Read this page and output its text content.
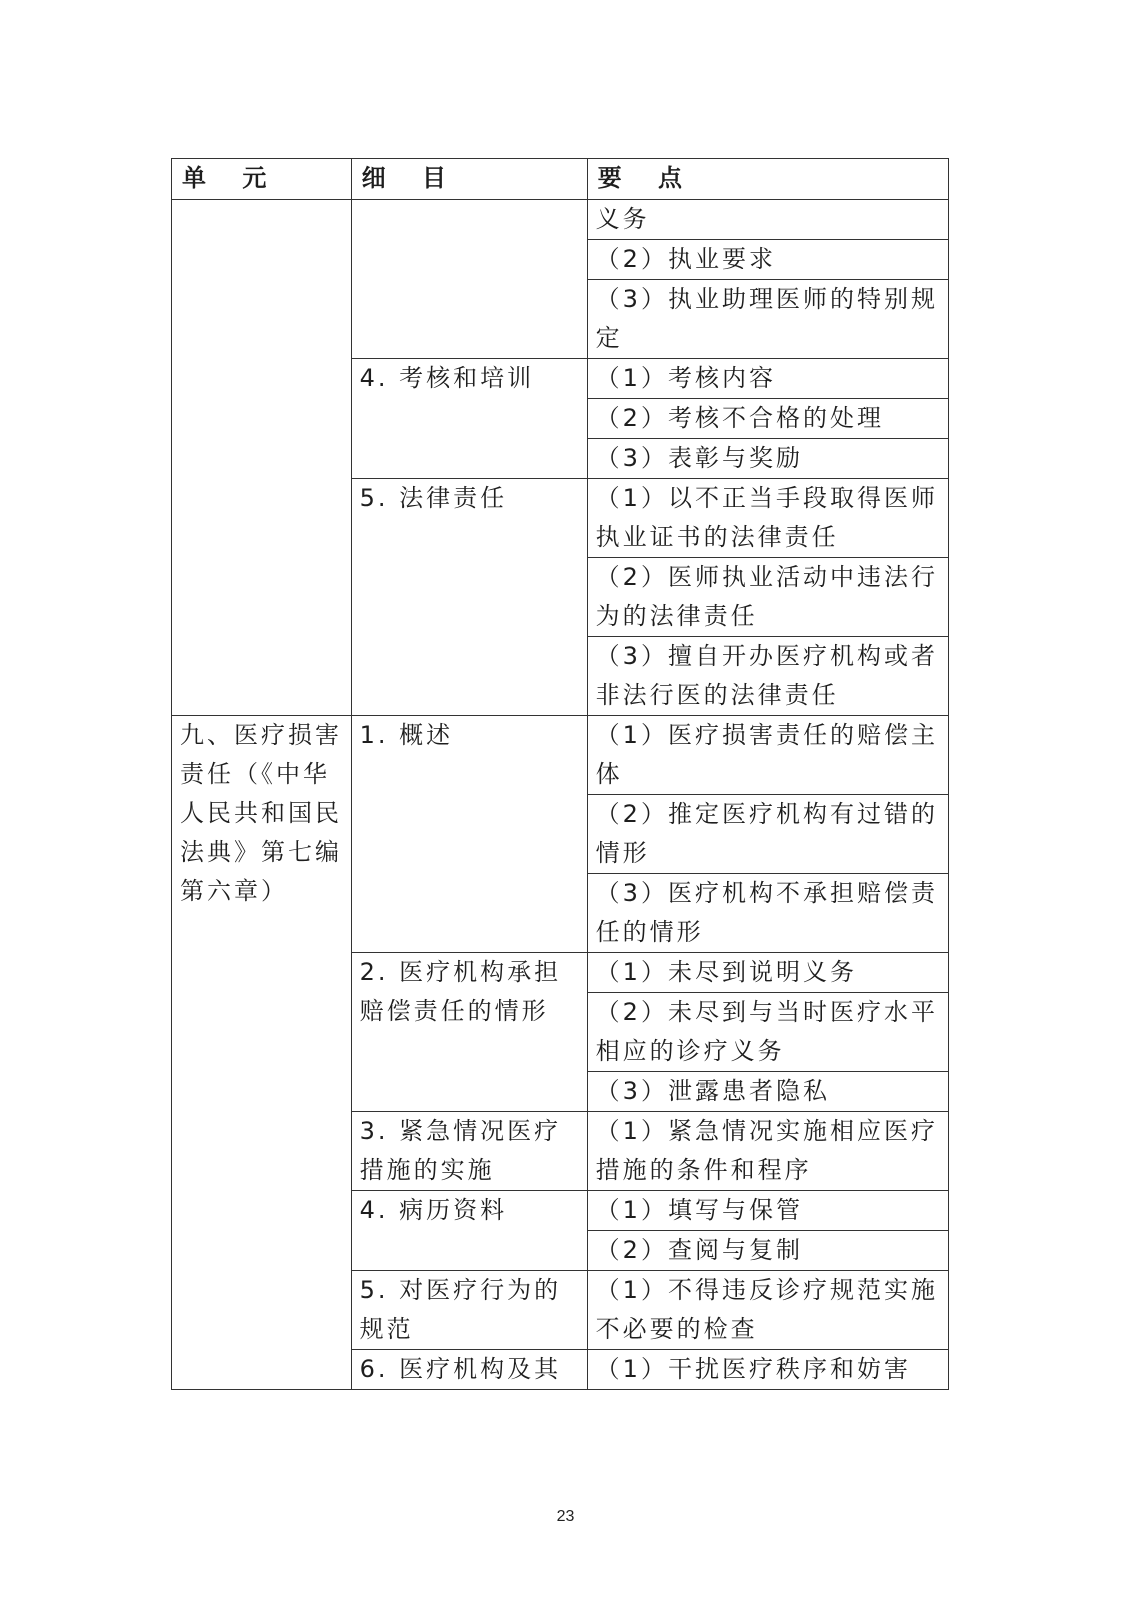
单 元	细 目	要 点
		义务
		（2）执业要求
		（3）执业助理医师的特别规定
	4. 考核和培训	（1）考核内容
		（2）考核不合格的处理
		（3）表彰与奖励
	5. 法律责任	（1）以不正当手段取得医师执业证书的法律责任
		（2）医师执业活动中违法行为的法律责任
		（3）擅自开办医疗机构或者非法行医的法律责任
九、医疗损害责任（《中华人民共和国民法典》第七编第六章）	1. 概述	（1）医疗损害责任的赔偿主体
		（2）推定医疗机构有过错的情形
		（3）医疗机构不承担赔偿责任的情形
	2. 医疗机构承担赔偿责任的情形	（1）未尽到说明义务
		（2）未尽到与当时医疗水平相应的诊疗义务
		（3）泄露患者隐私
	3. 紧急情况医疗措施的实施	（1）紧急情况实施相应医疗措施的条件和程序
	4. 病历资料	（1）填写与保管
		（2）查阅与复制
	5. 对医疗行为的规范	（1）不得违反诊疗规范实施不必要的检查
	6. 医疗机构及其	（1）干扰医疗秩序和妨害
23
